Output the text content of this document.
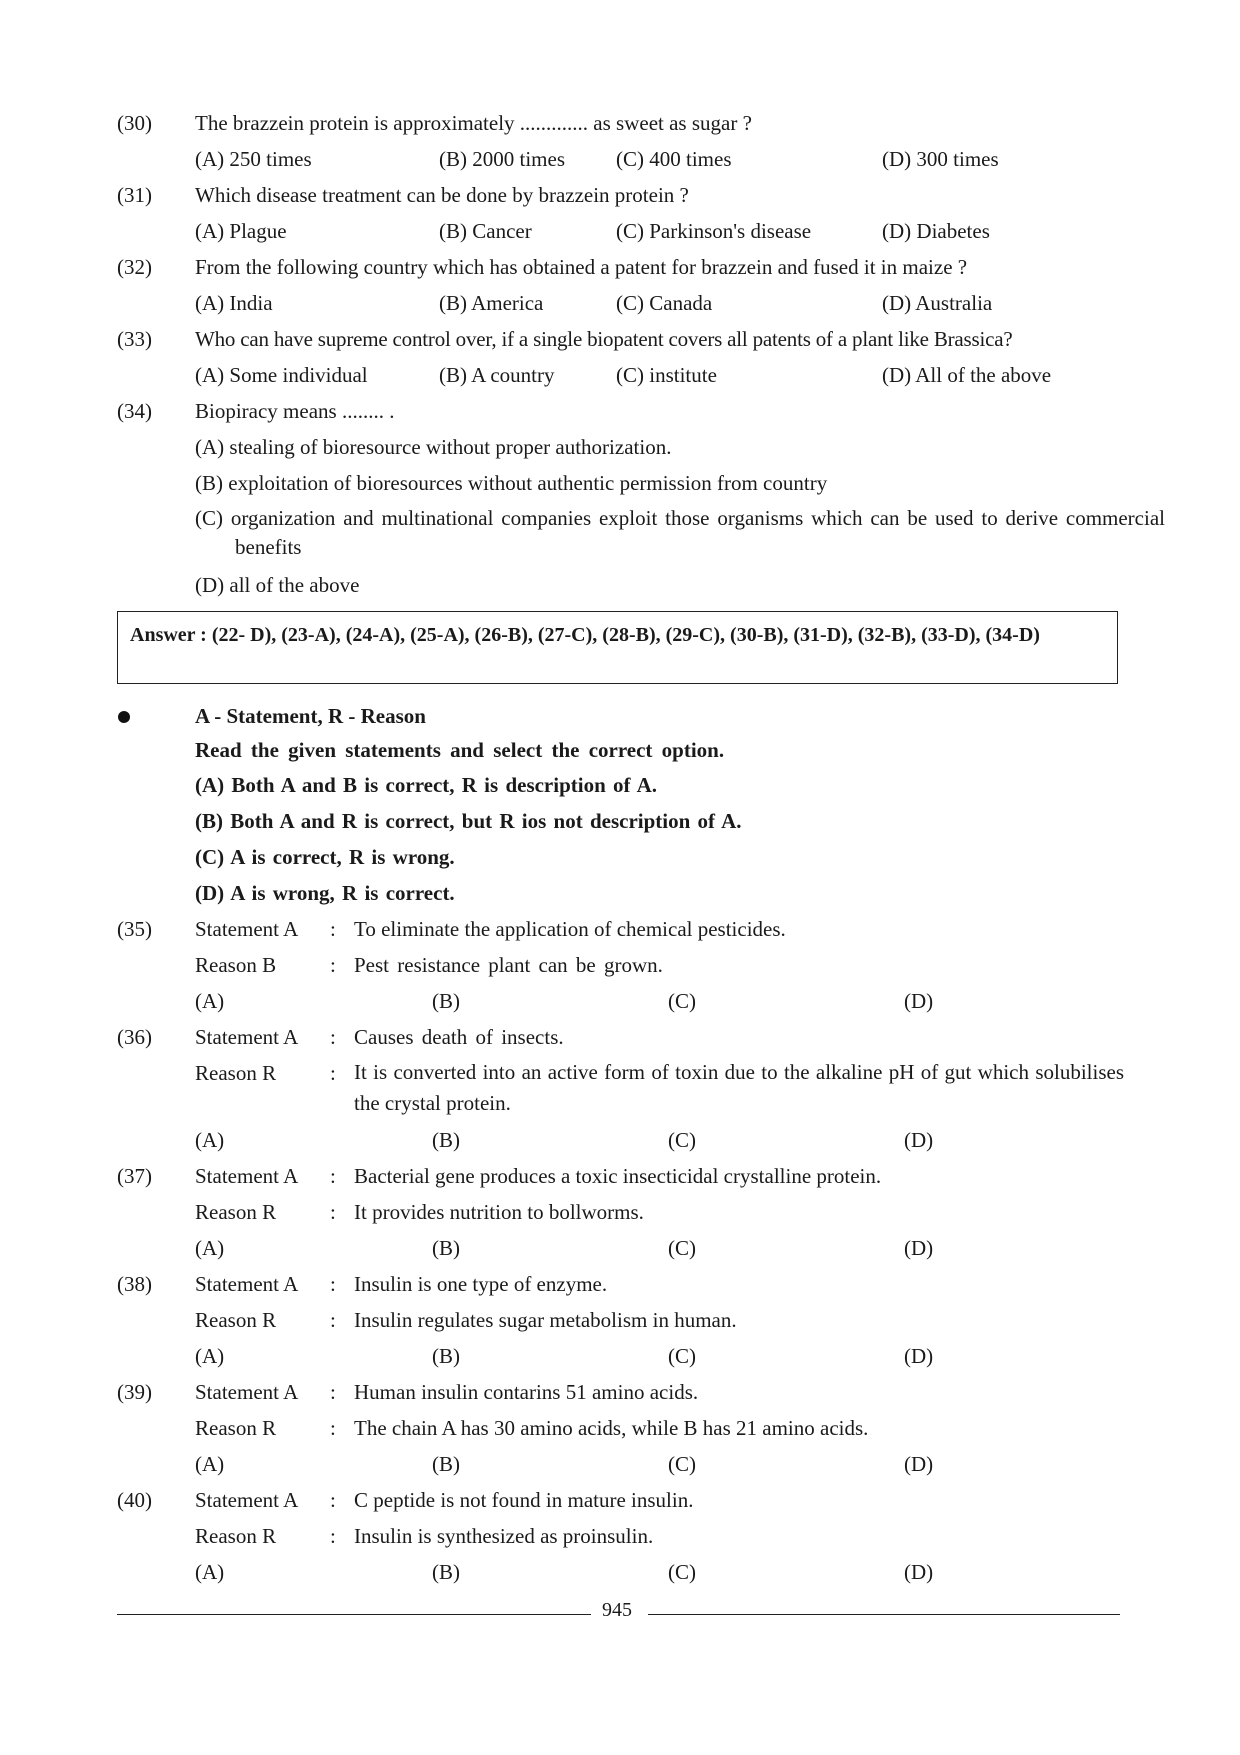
(30) The brazzein protein is approximately ............. as sweet as sugar ?
(A) 250 times	(B) 2000 times (C) 400 times	(D) 300 times
(31) Which disease treatment can be done by brazzein protein ?
(A) Plague	(B) Cancer	(C) Parkinson's disease	(D) Diabetes
(32) From the following country which has obtained a patent for brazzein and fused it in maize ?
(A) India	(B) America	(C) Canada	(D) Australia
(33) Who can have supreme control over, if a single biopatent covers all patents of a plant like Brassica?
(A) Some individual	(B) A country	(C) institute	(D) All of the above
(34) Biopiracy means ........ .
(A) stealing of bioresource without proper authorization.
(B) exploitation of bioresources without authentic permission from country
(C) organization and multinational companies exploit those organisms which can be used to derive commercial benefits
(D) all of the above
Answer : (22- D), (23-A), (24-A), (25-A), (26-B), (27-C), (28-B), (29-C), (30-B), (31-D), (32-B), (33-D), (34-D)
A - Statement, R - Reason
Read the given statements and select the correct option.
(A) Both A and B is correct, R is description of A.
(B) Both A and R is correct, but R ios not description of A.
(C) A is correct, R is wrong.
(D) A is wrong, R is correct.
(35) Statement A : To eliminate the application of chemical pesticides.
Reason B	: Pest resistance plant can be grown.
(A)	(B)	(C)	(D)
(36) Statement A : Causes death of insects.
Reason R	: It is converted into an active form of toxin due to the alkaline pH of gut which solubilises the crystal protein.
(A)	(B)	(C)	(D)
(37) Statement A : Bacterial gene produces a toxic insecticidal crystalline protein.
Reason R	: It provides nutrition to bollworms.
(A)	(B)	(C)	(D)
(38) Statement A : Insulin is one type of enzyme.
Reason R	: Insulin regulates sugar metabolism in human.
(A)	(B)	(C)	(D)
(39) Statement A : Human insulin contarins 51 amino acids.
Reason R	: The chain A has 30 amino acids, while B has 21 amino acids.
(A)	(B)	(C)	(D)
(40) Statement A : C peptide is not found in mature insulin.
Reason R	: Insulin is synthesized as proinsulin.
(A)	(B)	(C)	(D)
945
